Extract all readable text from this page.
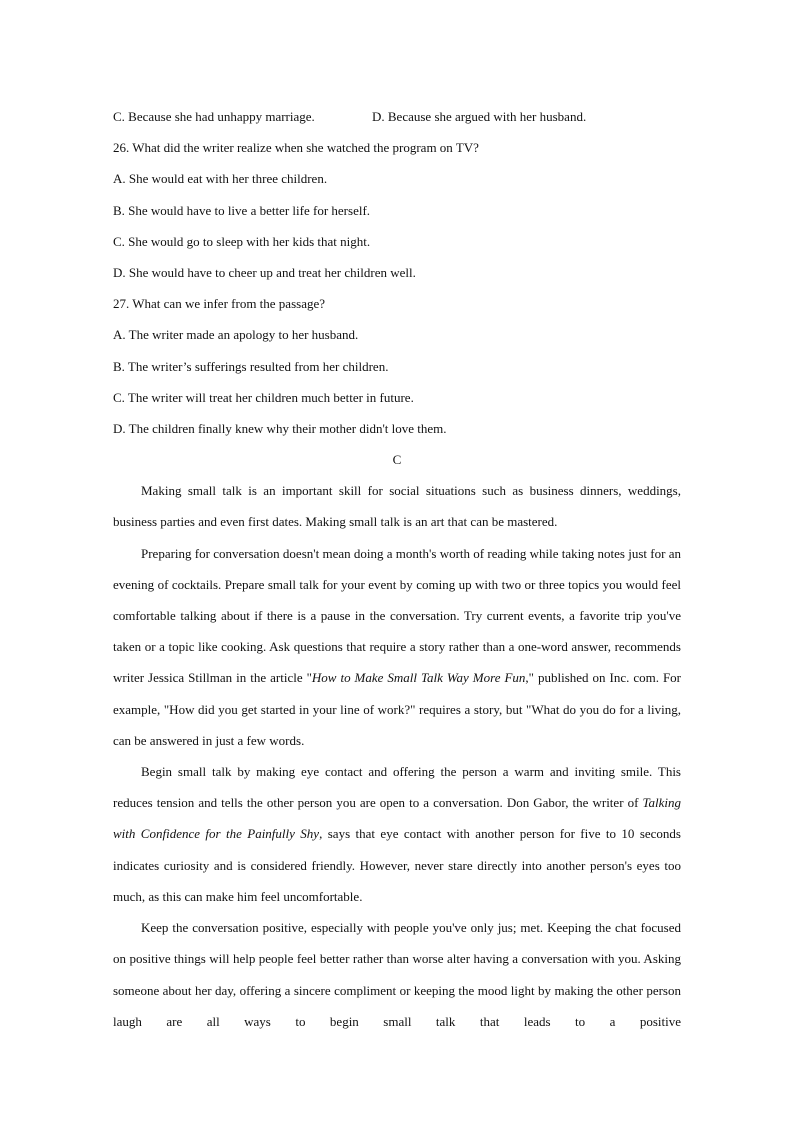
C. Because she had unhappy marriage.	D. Because she argued with her husband.
26. What did the writer realize when she watched the program on TV?
A. She would eat with her three children.
B. She would have to live a better life for herself.
C. She would go to sleep with her kids that night.
D. She would have to cheer up and treat her children well.
27. What can we infer from the passage?
A. The writer made an apology to her husband.
B. The writer’s sufferings resulted from her children.
C. The writer will treat her children much better in future.
D. The children finally knew why their mother didn't love them.
C

Making small talk is an important skill for social situations such as business dinners, weddings, business parties and even first dates. Making small talk is an art that can be mastered.

Preparing for conversation doesn't mean doing a month's worth of reading while taking notes just for an evening of cocktails. Prepare small talk for your event by coming up with two or three topics you would feel comfortable talking about if there is a pause in the conversation. Try current events, a favorite trip you've taken or a topic like cooking. Ask questions that require a story rather than a one-word answer, recommends writer Jessica Stillman in the article "How to Make Small Talk Way More Fun," published on Inc. com. For example, "How did you get started in your line of work?" requires a story, but "What do you do for a living, can be answered in just a few words.

Begin small talk by making eye contact and offering the person a warm and inviting smile. This reduces tension and tells the other person you are open to a conversation. Don Gabor, the writer of Talking with Confidence for the Painfully Shy, says that eye contact with another person for five to 10 seconds indicates curiosity and is considered friendly. However, never stare directly into another person's eyes too much, as this can make him feel uncomfortable.

Keep the conversation positive, especially with people you've only jus; met. Keeping the chat focused on positive things will help people feel better rather than worse alter having a conversation with you. Asking someone about her day, offering a sincere compliment or keeping the mood light by making the other person laugh are all ways to begin small talk that leads to a positive
